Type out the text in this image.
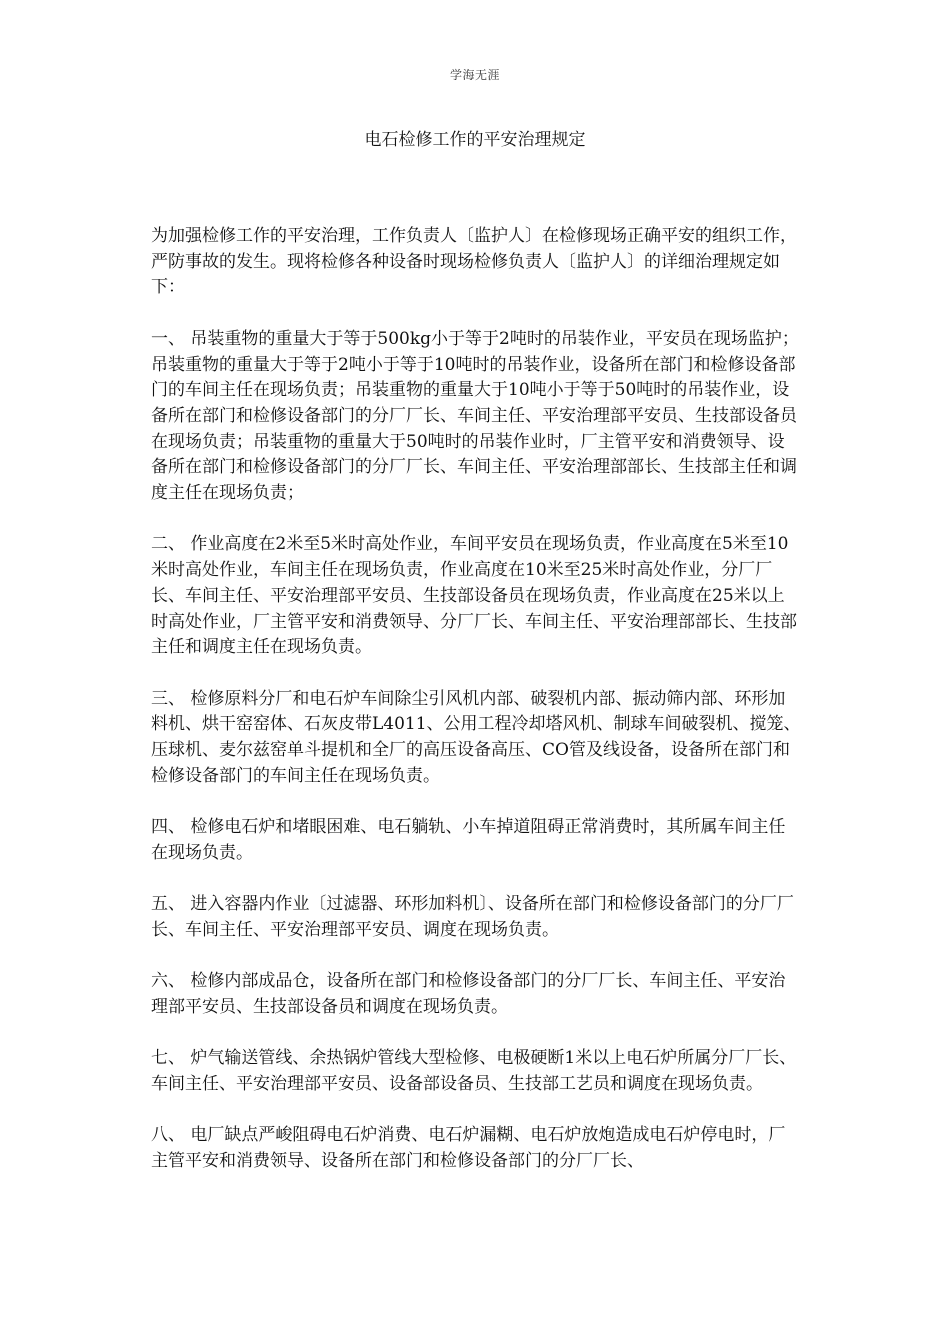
学海无涯
电石检修工作的平安治理规定

为加强检修工作的平安治理，工作负责人〔监护人〕在检修现场正确平安的组织工作，严防事故的发生。现将检修各种设备时现场检修负责人〔监护人〕的详细治理规定如下：

一、 吊装重物的重量大于等于500kg小于等于2吨时的吊装作业，平安员在现场监护；吊装重物的重量大于等于2吨小于等于10吨时的吊装作业，设备所在部门和检修设备部门的车间主任在现场负责；吊装重物的重量大于10吨小于等于50吨时的吊装作业，设备所在部门和检修设备部门的分厂厂长、车间主任、平安治理部平安员、生技部设备员在现场负责；吊装重物的重量大于50吨时的吊装作业时，厂主管平安和消费领导、设备所在部门和检修设备部门的分厂厂长、车间主任、平安治理部部长、生技部主任和调度主任在现场负责；

二、 作业高度在2米至5米时高处作业，车间平安员在现场负责，作业高度在5米至10米时高处作业，车间主任在现场负责，作业高度在10米至25米时高处作业，分厂厂长、车间主任、平安治理部平安员、生技部设备员在现场负责，作业高度在25米以上时高处作业，厂主管平安和消费领导、分厂厂长、车间主任、平安治理部部长、生技部主任和调度主任在现场负责。

三、 检修原料分厂和电石炉车间除尘引风机内部、破裂机内部、振动筛内部、环形加料机、烘干窑窑体、石灰皮带L4011、公用工程冷却塔风机、制球车间破裂机、搅笼、压球机、麦尔兹窑单斗提机和全厂的高压设备高压、CO管及线设备，设备所在部门和检修设备部门的车间主任在现场负责。

四、 检修电石炉和堵眼困难、电石躺轨、小车掉道阻碍正常消费时，其所属车间主任在现场负责。

五、 进入容器内作业〔过滤器、环形加料机〕、设备所在部门和检修设备部门的分厂厂长、车间主任、平安治理部平安员、调度在现场负责。

六、 检修内部成品仓，设备所在部门和检修设备部门的分厂厂长、车间主任、平安治理部平安员、生技部设备员和调度在现场负责。

七、 炉气输送管线、余热锅炉管线大型检修、电极硬断1米以上电石炉所属分厂厂长、车间主任、平安治理部平安员、设备部设备员、生技部工艺员和调度在现场负责。

八、 电厂缺点严峻阻碍电石炉消费、电石炉漏糊、电石炉放炮造成电石炉停电时，厂主管平安和消费领导、设备所在部门和检修设备部门的分厂厂长、
